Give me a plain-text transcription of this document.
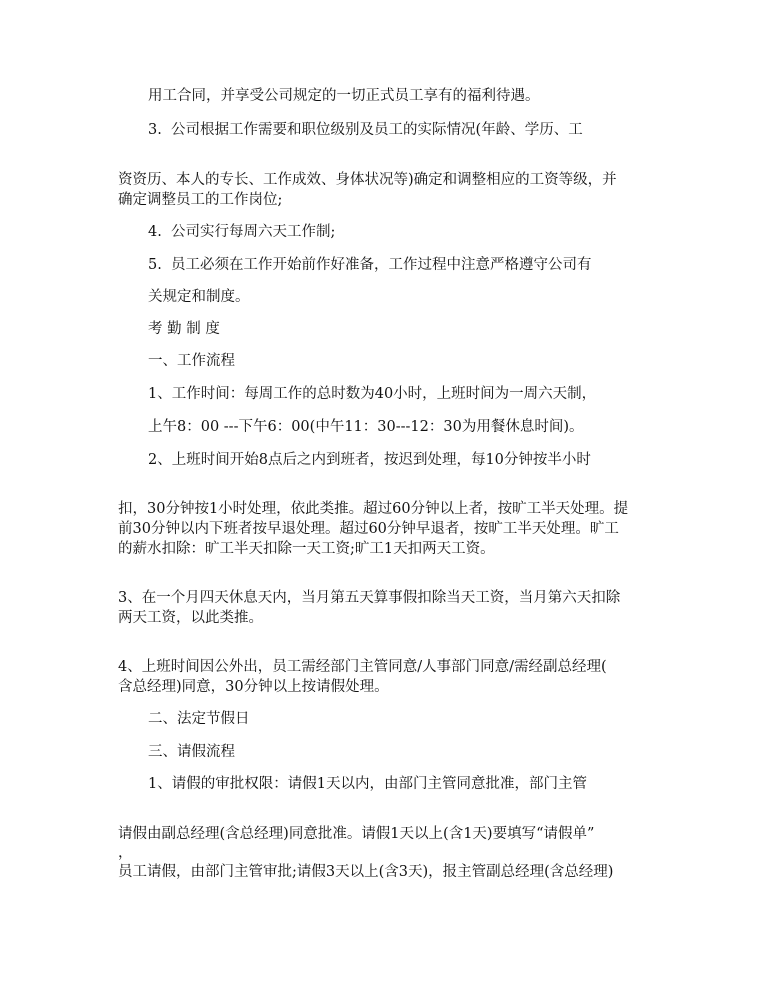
用工合同，并享受公司规定的一切正式员工享有的福利待遇。
3.  公司根据工作需要和职位级别及员工的实际情况(年龄、学历、工
资资历、本人的专长、工作成效、身体状况等)确定和调整相应的工资等级，并
确定调整员工的工作岗位;
4.  公司实行每周六天工作制;
5.  员工必须在工作开始前作好准备，工作过程中注意严格遵守公司有
关规定和制度。
考 勤 制 度
一、工作流程
1、工作时间：每周工作的总时数为40小时，上班时间为一周六天制，
上午8：00 ---下午6：00(中午11：30---12：30为用餐休息时间)。
2、上班时间开始8点后之内到班者，按迟到处理，每10分钟按半小时
扣，30分钟按1小时处理，依此类推。超过60分钟以上者，按旷工半天处理。提
前30分钟以内下班者按早退处理。超过60分钟早退者，按旷工半天处理。旷工
的薪水扣除：旷工半天扣除一天工资;旷工1天扣两天工资。
3、在一个月四天休息天内，当月第五天算事假扣除当天工资，当月第六天扣除
两天工资，以此类推。
4、上班时间因公外出，员工需经部门主管同意/人事部门同意/需经副总经理(
含总经理)同意，30分钟以上按请假处理。
二、法定节假日
三、请假流程
1、请假的审批权限：请假1天以内，由部门主管同意批准，部门主管
请假由副总经理(含总经理)同意批准。请假1天以上(含1天)要填写“请假单”
，
员工请假，由部门主管审批;请假3天以上(含3天)，报主管副总经理(含总经理)
